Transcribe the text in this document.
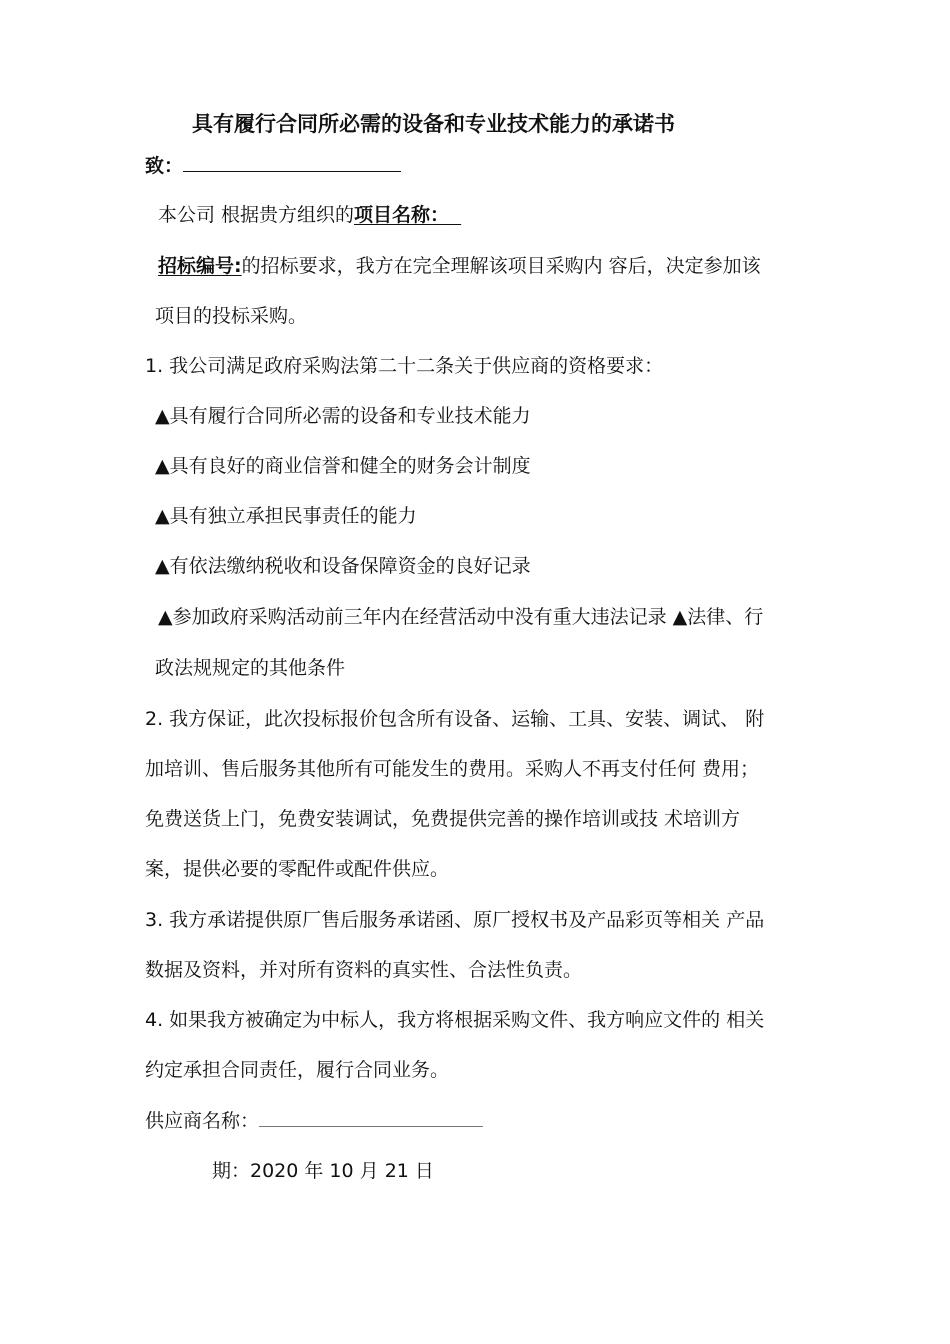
具有履行合同所必需的设备和专业技术能力的承诺书
致：
本公司 根据贵方组织的项目名称：
招标编号:的招标要求，我方在完全理解该项目采购内 容后，决定参加该
项目的投标采购。
1. 我公司满足政府采购法第二十二条关于供应商的资格要求：
▲具有履行合同所必需的设备和专业技术能力
▲具有良好的商业信誉和健全的财务会计制度
▲具有独立承担民事责任的能力
▲有依法缴纳税收和设备保障资金的良好记录
▲参加政府采购活动前三年内在经营活动中没有重大违法记录 ▲法律、行
政法规规定的其他条件
2. 我方保证，此次投标报价包含所有设备、运输、工具、安装、调试、 附
加培训、售后服务其他所有可能发生的费用。采购人不再支付任何 费用；
免费送货上门，免费安装调试，免费提供完善的操作培训或技 术培训方
案，提供必要的零配件或配件供应。
3. 我方承诺提供原厂售后服务承诺函、原厂授权书及产品彩页等相关 产品
数据及资料，并对所有资料的真实性、合法性负责。
4. 如果我方被确定为中标人，我方将根据采购文件、我方响应文件的 相关
约定承担合同责任，履行合同业务。
供应商名称：
期：2020 年 10 月 21 日
